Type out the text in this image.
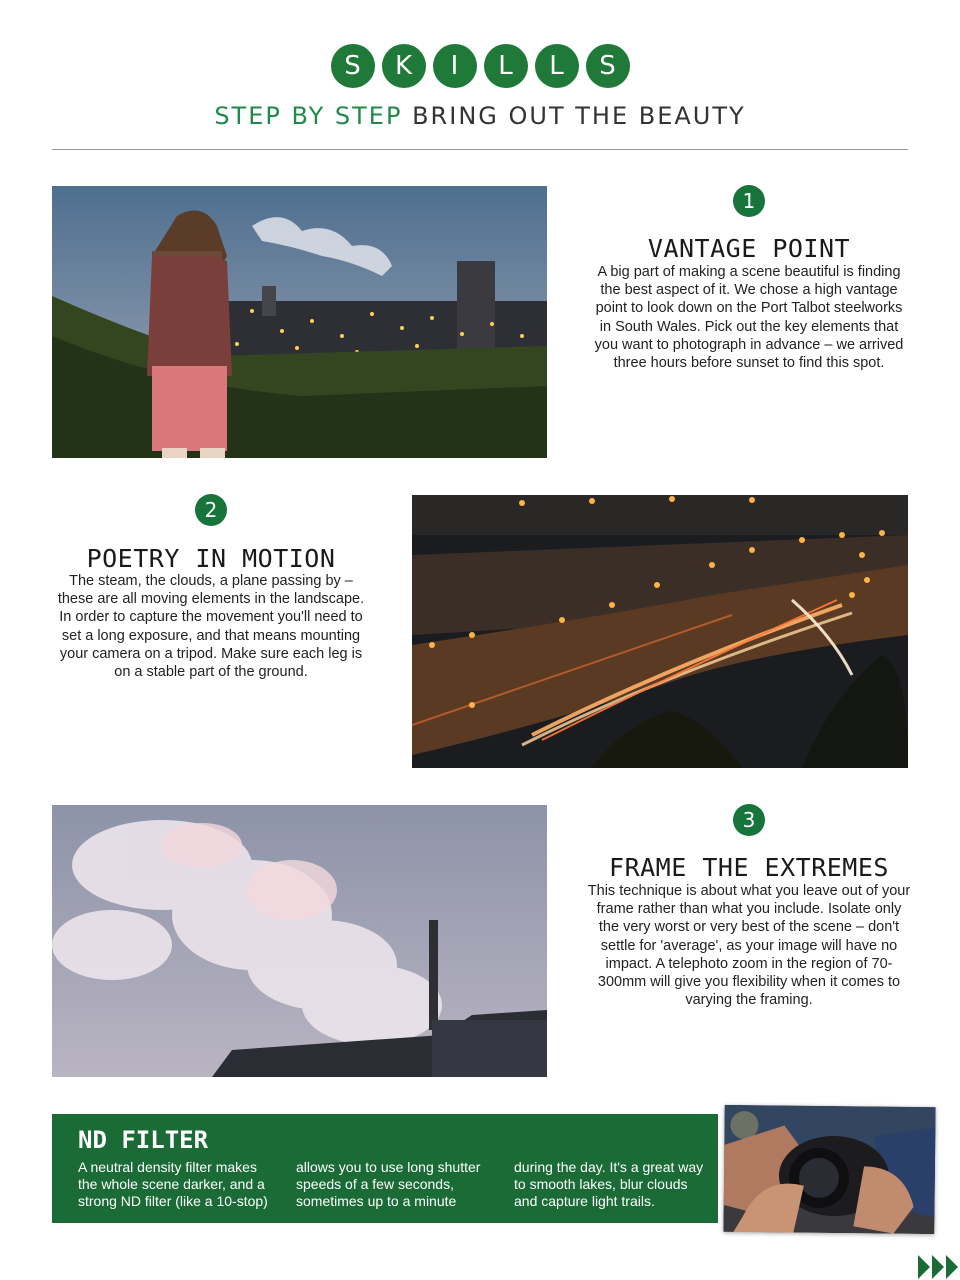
S	K	I	L	L	S
STEP BY STEP BRING OUT THE BEAUTY
1
VANTAGE POINT
A big part of making a scene beautiful is finding the best aspect of it. We chose a high vantage point to look down on the Port Talbot steelworks in South Wales. Pick out the key elements that you want to photograph in advance – we arrived three hours before sunset to find this spot.
2
POETRY IN MOTION
The steam, the clouds, a plane passing by – these are all moving elements in the landscape. In order to capture the movement you'll need to set a long exposure, and that means mounting your camera on a tripod. Make sure each leg is on a stable part of the ground.
3
FRAME THE EXTREMES
This technique is about what you leave out of your frame rather than what you include. Isolate only the very worst or very best of the scene – don't settle for 'average', as your image will have no impact. A telephoto zoom in the region of 70-300mm will give you flexibility when it comes to varying the framing.
ND FILTER
A neutral density filter makes the whole scene darker, and a strong ND filter (like a 10-stop)
allows you to use long shutter speeds of a few seconds, sometimes up to a minute
during the day. It's a great way to smooth lakes, blur clouds and capture light trails.
